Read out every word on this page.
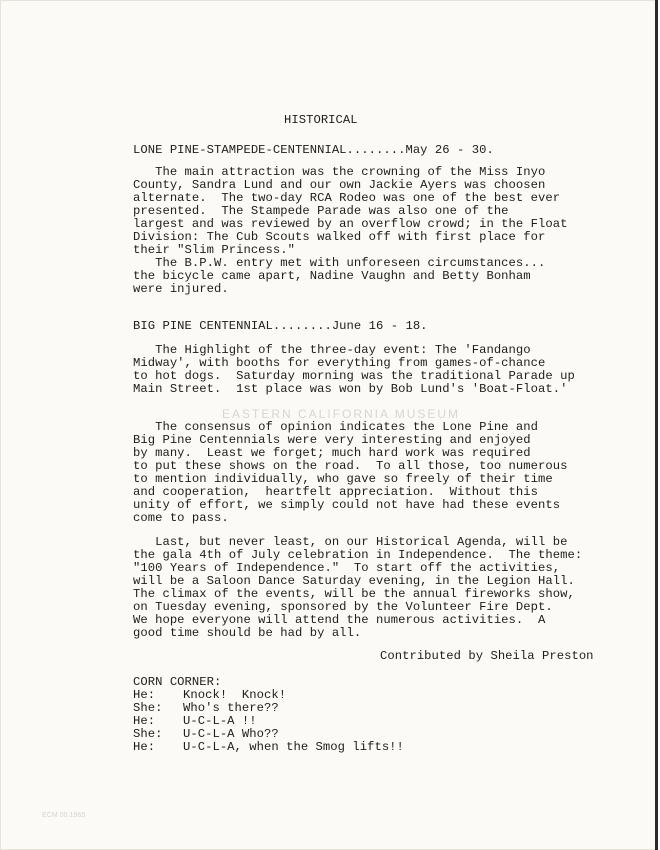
HISTORICAL
LONE PINE-STAMPEDE-CENTENNIAL........May 26 - 30.
The main attraction was the crowning of the Miss Inyo
County, Sandra Lund and our own Jackie Ayers was choosen
alternate.  The two-day RCA Rodeo was one of the best ever
presented.  The Stampede Parade was also one of the
largest and was reviewed by an overflow crowd; in the Float
Division: The Cub Scouts walked off with first place for
their "Slim Princess."
The B.P.W. entry met with unforeseen circumstances...
the bicycle came apart, Nadine Vaughn and Betty Bonham
were injured.
BIG PINE CENTENNIAL........June 16 - 18.
The Highlight of the three-day event: The 'Fandango
Midway', with booths for everything from games-of-chance
to hot dogs.  Saturday morning was the traditional Parade up
Main Street.  1st place was won by Bob Lund's 'Boat-Float.'
The consensus of opinion indicates the Lone Pine and
Big Pine Centennials were very interesting and enjoyed
by many.  Least we forget; much hard work was required
to put these shows on the road.  To all those, too numerous
to mention individually, who gave so freely of their time
and cooperation,  heartfelt appreciation.  Without this
unity of effort, we simply could not have had these events
come to pass.
Last, but never least, on our Historical Agenda, will be
the gala 4th of July celebration in Independence.  The theme:
"100 Years of Independence."  To start off the activities,
will be a Saloon Dance Saturday evening, in the Legion Hall.
The climax of the events, will be the annual fireworks show,
on Tuesday evening, sponsored by the Volunteer Fire Dept.
We hope everyone will attend the numerous activities.  A
good time should be had by all.
Contributed by Sheila Preston
CORN CORNER:
He: Knock!  Knock!
She: Who's there??
He: U-C-L-A !!
She: U-C-L-A Who??
He: U-C-L-A, when the Smog lifts!!
EASTERN CALIFORNIA MUSEUM
ECM 00.1965
